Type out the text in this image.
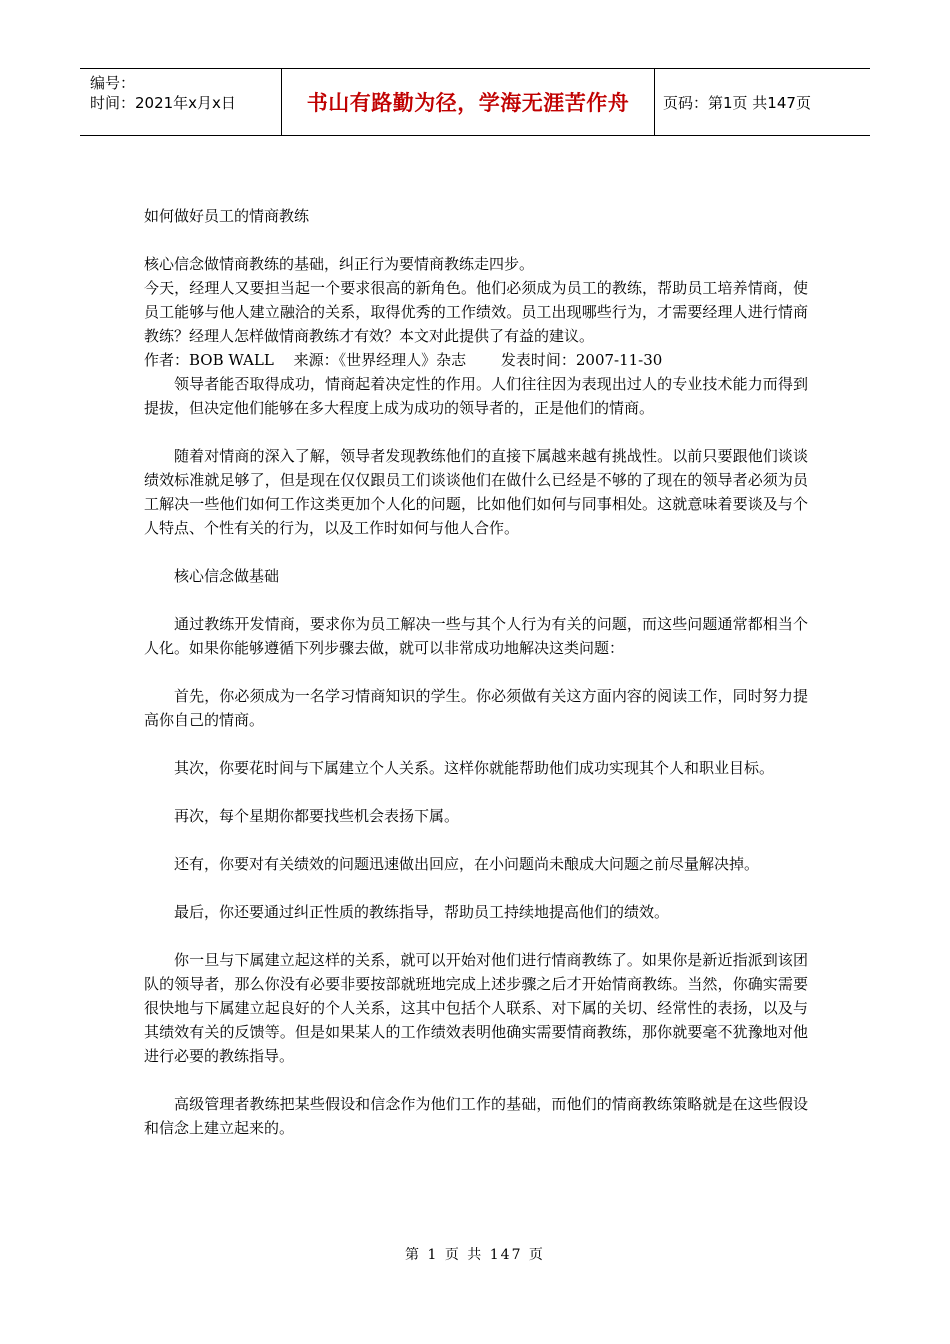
编号：
时间：2021年x月x日	书山有路勤为径，学海无涯苦作舟	页码：第1页 共147页

如何做好员工的情商教练

核心信念做情商教练的基础，纠正行为要情商教练走四步。

今天，经理人又要担当起一个要求很高的新角色。他们必须成为员工的教练，帮助员工培养情商，使员工能够与他人建立融洽的关系，取得优秀的工作绩效。员工出现哪些行为，才需要经理人进行情商教练？经理人怎样做情商教练才有效？本文对此提供了有益的建议。

作者：BOB WALL　 来源：《世界经理人》杂志　　 发表时间：2007-11-30

领导者能否取得成功，情商起着决定性的作用。人们往往因为表现出过人的专业技术能力而得到提拔，但决定他们能够在多大程度上成为成功的领导者的，正是他们的情商。

随着对情商的深入了解，领导者发现教练他们的直接下属越来越有挑战性。以前只要跟他们谈谈绩效标准就足够了，但是现在仅仅跟员工们谈谈他们在做什么已经是不够的了现在的领导者必须为员工解决一些他们如何工作这类更加个人化的问题，比如他们如何与同事相处。这就意味着要谈及与个人特点、个性有关的行为，以及工作时如何与他人合作。

核心信念做基础

通过教练开发情商，要求你为员工解决一些与其个人行为有关的问题，而这些问题通常都相当个人化。如果你能够遵循下列步骤去做，就可以非常成功地解决这类问题：

首先，你必须成为一名学习情商知识的学生。你必须做有关这方面内容的阅读工作，同时努力提高你自己的情商。

其次，你要花时间与下属建立个人关系。这样你就能帮助他们成功实现其个人和职业目标。

再次，每个星期你都要找些机会表扬下属。

还有，你要对有关绩效的问题迅速做出回应，在小问题尚未酿成大问题之前尽量解决掉。

最后，你还要通过纠正性质的教练指导，帮助员工持续地提高他们的绩效。

你一旦与下属建立起这样的关系，就可以开始对他们进行情商教练了。如果你是新近指派到该团队的领导者，那么你没有必要非要按部就班地完成上述步骤之后才开始情商教练。当然，你确实需要很快地与下属建立起良好的个人关系，这其中包括个人联系、对下属的关切、经常性的表扬，以及与其绩效有关的反馈等。但是如果某人的工作绩效表明他确实需要情商教练，那你就要毫不犹豫地对他进行必要的教练指导。

高级管理者教练把某些假设和信念作为他们工作的基础，而他们的情商教练策略就是在这些假设和信念上建立起来的。

第 1 页 共 147 页
